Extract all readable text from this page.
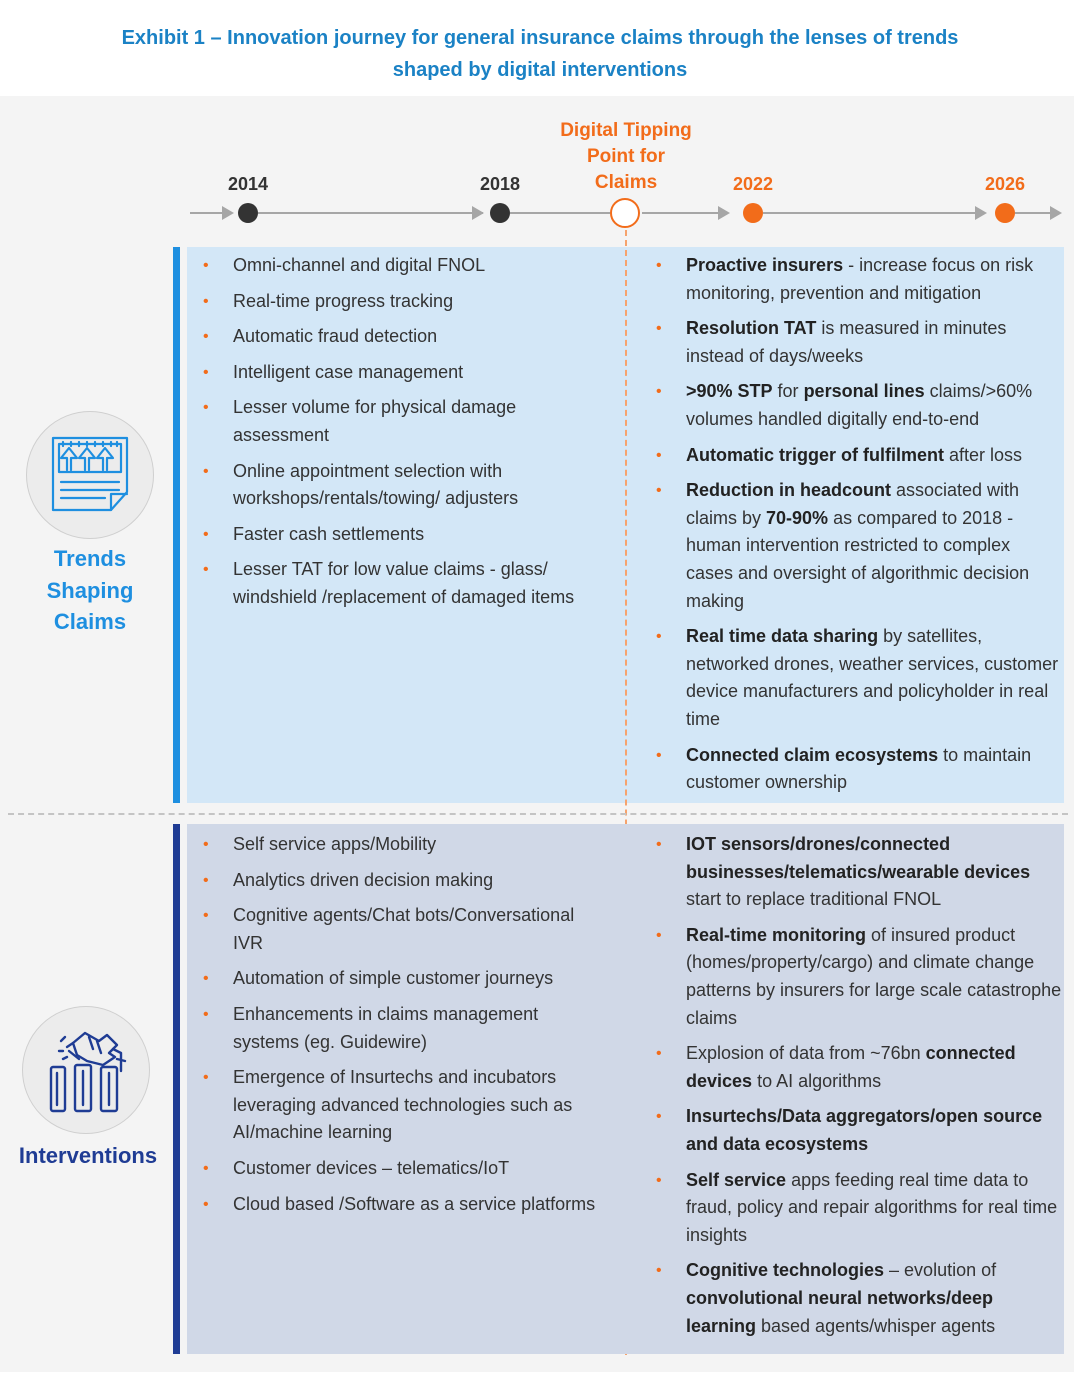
Exhibit 1 – Innovation journey for general insurance claims through the lenses of trends
shaped by digital interventions
2014	2018	2022	2026
Digital Tipping
Point for
Claims
Trends
Shaping
Claims
• Omni-channel and digital FNOL
• Real-time progress tracking
• Automatic fraud detection
• Intelligent case management
• Lesser volume for physical damage assessment
• Online appointment selection with workshops/rentals/towing/ adjusters
• Faster cash settlements
• Lesser TAT for low value claims - glass/ windshield /replacement of damaged items
• Proactive insurers - increase focus on risk monitoring, prevention and mitigation
• Resolution TAT is measured in minutes instead of days/weeks
• >90% STP for personal lines claims/>60% volumes handled digitally end-to-end
• Automatic trigger of fulfilment after loss
• Reduction in headcount associated with claims by 70-90% as compared to 2018 - human intervention restricted to complex cases and oversight of algorithmic decision making
• Real time data sharing by satellites, networked drones, weather services, customer device manufacturers and policyholder in real time
• Connected claim ecosystems to maintain customer ownership
Interventions
• Self service apps/Mobility
• Analytics driven decision making
• Cognitive agents/Chat bots/Conversational IVR
• Automation of simple customer journeys
• Enhancements in claims management systems (eg. Guidewire)
• Emergence of Insurtechs and incubators leveraging advanced technologies such as AI/machine learning
• Customer devices – telematics/IoT
• Cloud based /Software as a service platforms
• IOT sensors/drones/connected businesses/telematics/wearable devices start to replace traditional FNOL
• Real-time monitoring of insured product (homes/property/cargo) and climate change patterns by insurers for large scale catastrophe claims
• Explosion of data from ~76bn connected devices to AI algorithms
• Insurtechs/Data aggregators/open source and data ecosystems
• Self service apps feeding real time data to fraud, policy and repair algorithms for real time insights
• Cognitive technologies – evolution of convolutional neural networks/deep learning based agents/whisper agents
